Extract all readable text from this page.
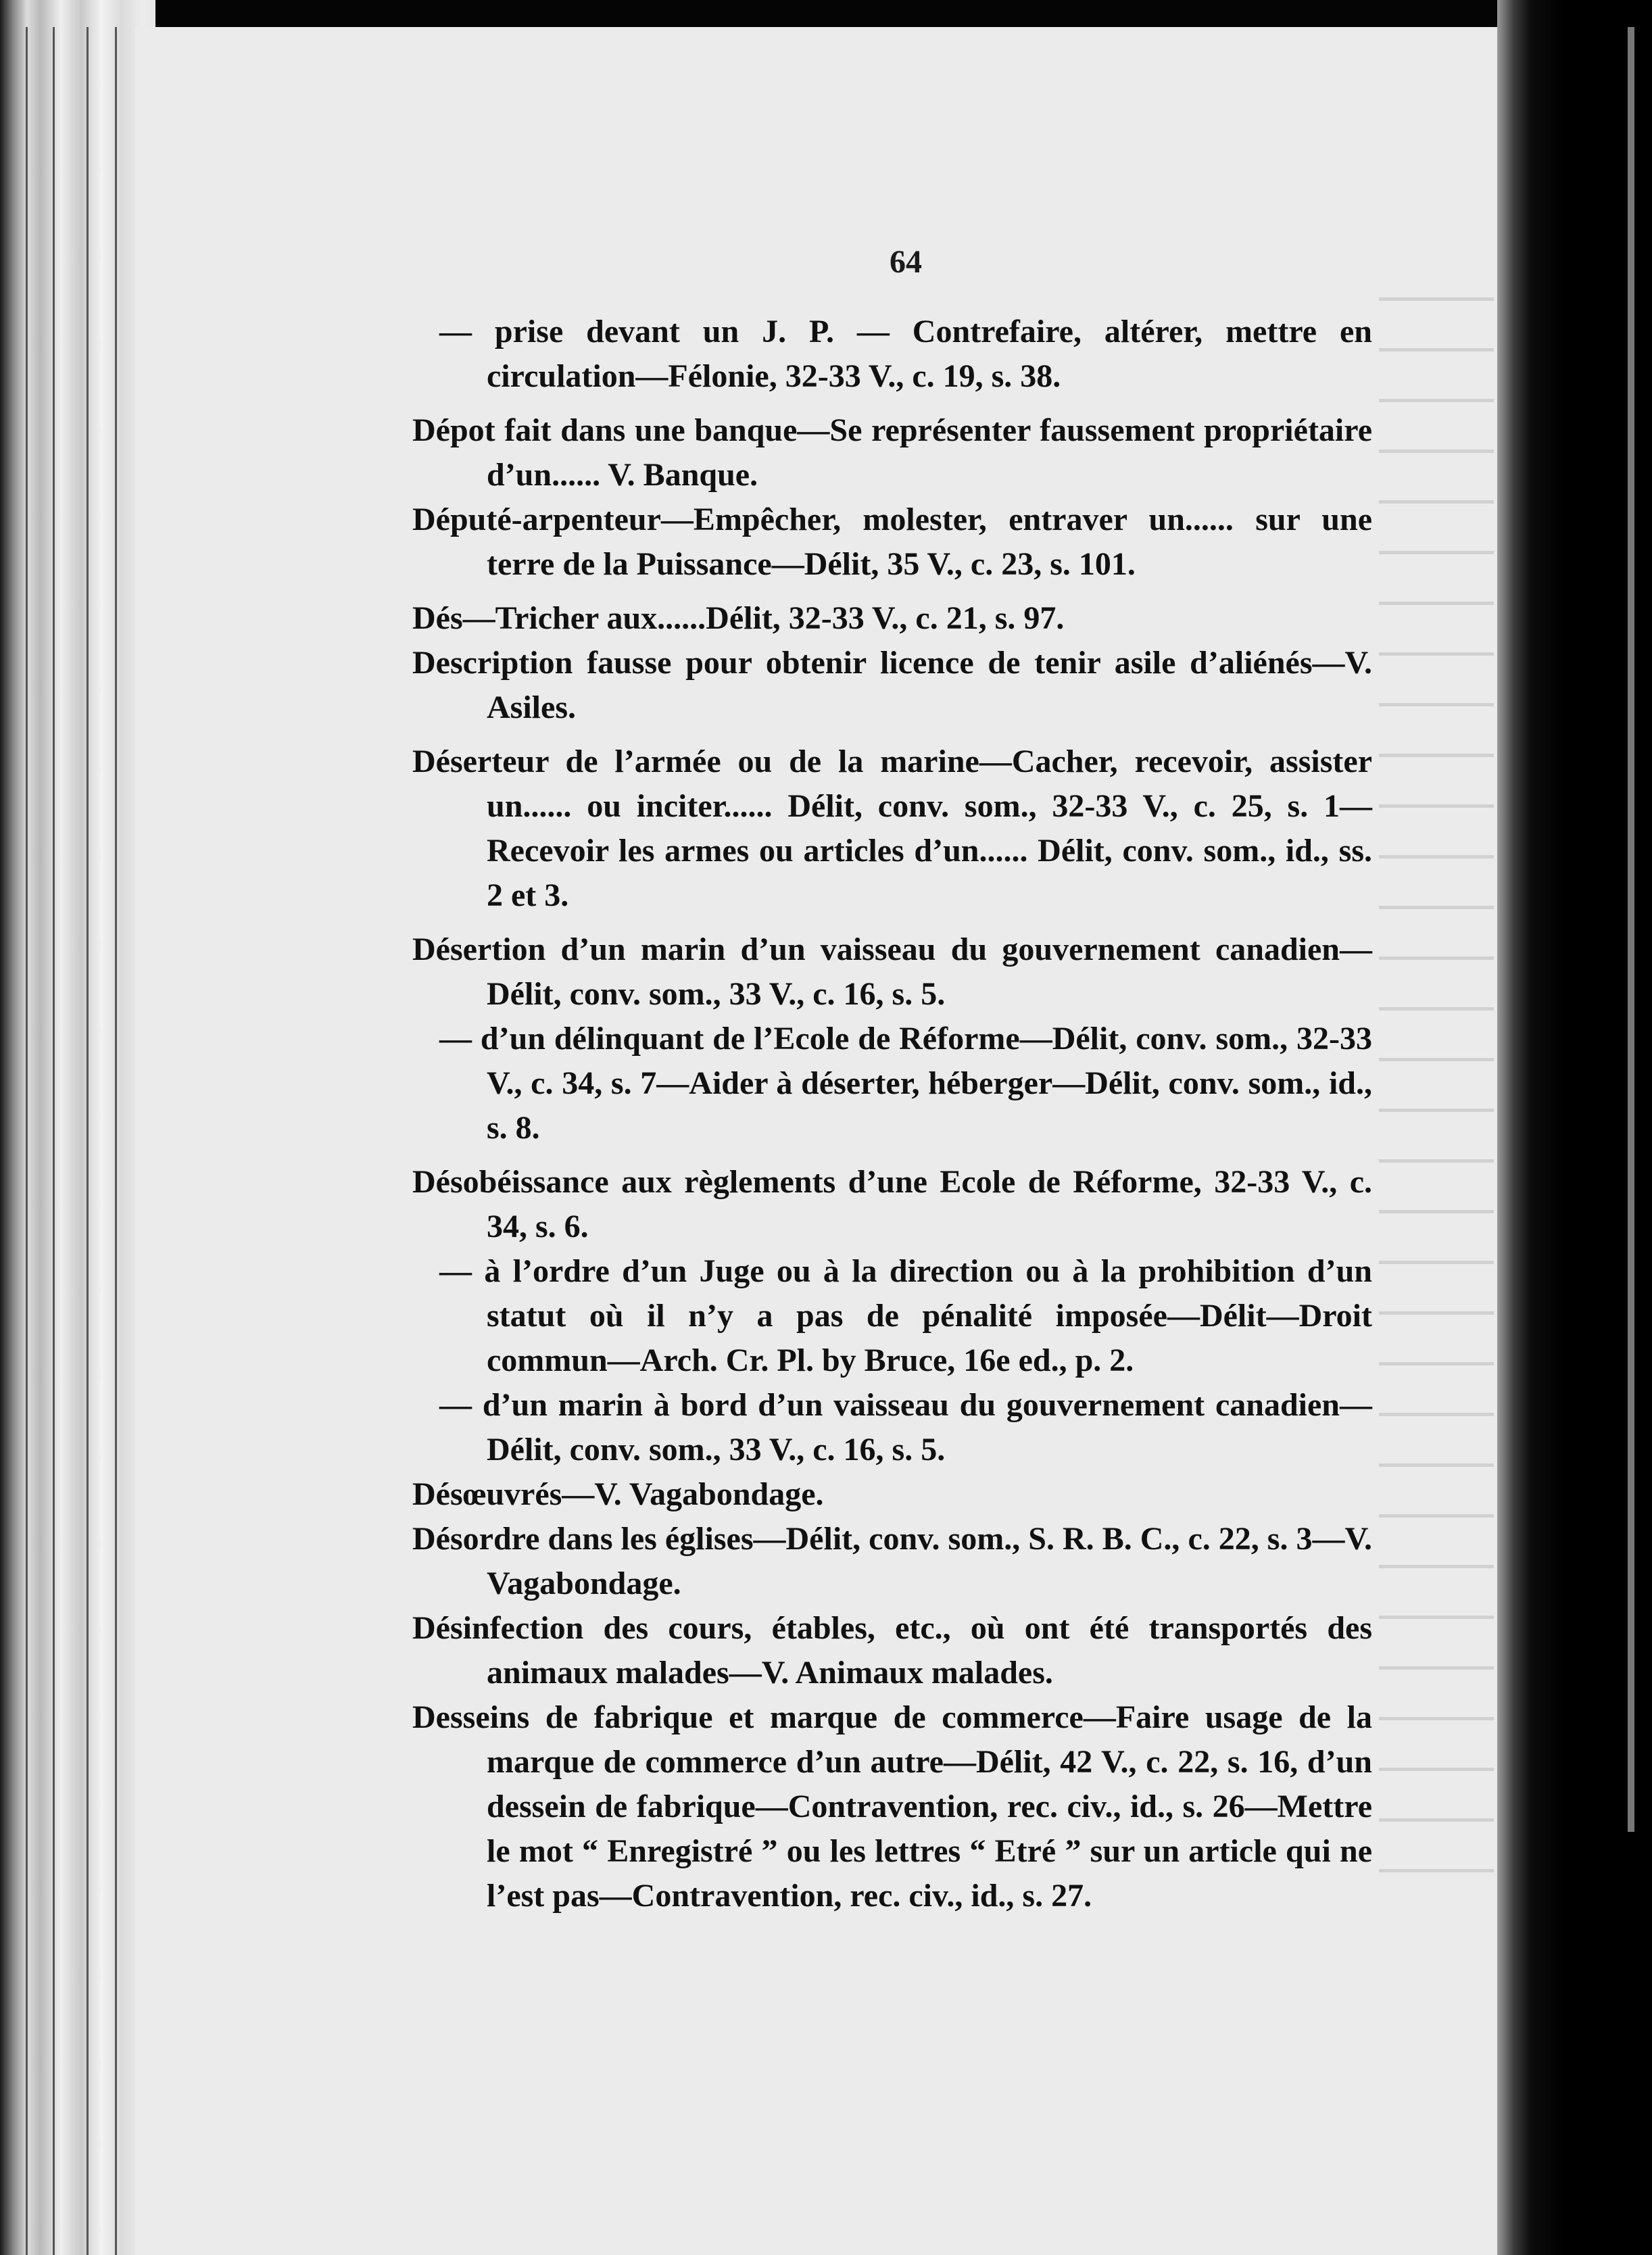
64

— prise devant un J. P. — Contrefaire, altérer, mettre en circulation—Félonie, 32-33 V., c. 19, s. 38.

Dépot fait dans une banque—Se représenter faussement propriétaire d’un...... V. Banque.

Député-arpenteur—Empêcher, molester, entraver un...... sur une terre de la Puissance—Délit, 35 V., c. 23, s. 101.

Dés—Tricher aux......Délit, 32-33 V., c. 21, s. 97.

Description fausse pour obtenir licence de tenir asile d’aliénés—V. Asiles.

Déserteur de l’armée ou de la marine—Cacher, recevoir, assister un...... ou inciter...... Délit, conv. som., 32-33 V., c. 25, s. 1—Recevoir les armes ou articles d’un...... Délit, conv. som., id., ss. 2 et 3.

Désertion d’un marin d’un vaisseau du gouvernement canadien—Délit, conv. som., 33 V., c. 16, s. 5.

— d’un délinquant de l’Ecole de Réforme—Délit, conv. som., 32-33 V., c. 34, s. 7—Aider à déserter, héberger—Délit, conv. som., id., s. 8.

Désobéissance aux règlements d’une Ecole de Réforme, 32-33 V., c. 34, s. 6.

— à l’ordre d’un Juge ou à la direction ou à la prohibition d’un statut où il n’y a pas de pénalité imposée—Délit—Droit commun—Arch. Cr. Pl. by Bruce, 16e ed., p. 2.

— d’un marin à bord d’un vaisseau du gouvernement canadien—Délit, conv. som., 33 V., c. 16, s. 5.

Désœuvrés—V. Vagabondage.

Désordre dans les églises—Délit, conv. som., S. R. B. C., c. 22, s. 3—V. Vagabondage.

Désinfection des cours, étables, etc., où ont été transportés des animaux malades—V. Animaux malades.

Desseins de fabrique et marque de commerce—Faire usage de la marque de commerce d’un autre—Délit, 42 V., c. 22, s. 16, d’un dessein de fabrique—Contravention, rec. civ., id., s. 26—Mettre le mot “ Enregistré ” ou les lettres “ Etré ” sur un article qui ne l’est pas—Contravention, rec. civ., id., s. 27.
